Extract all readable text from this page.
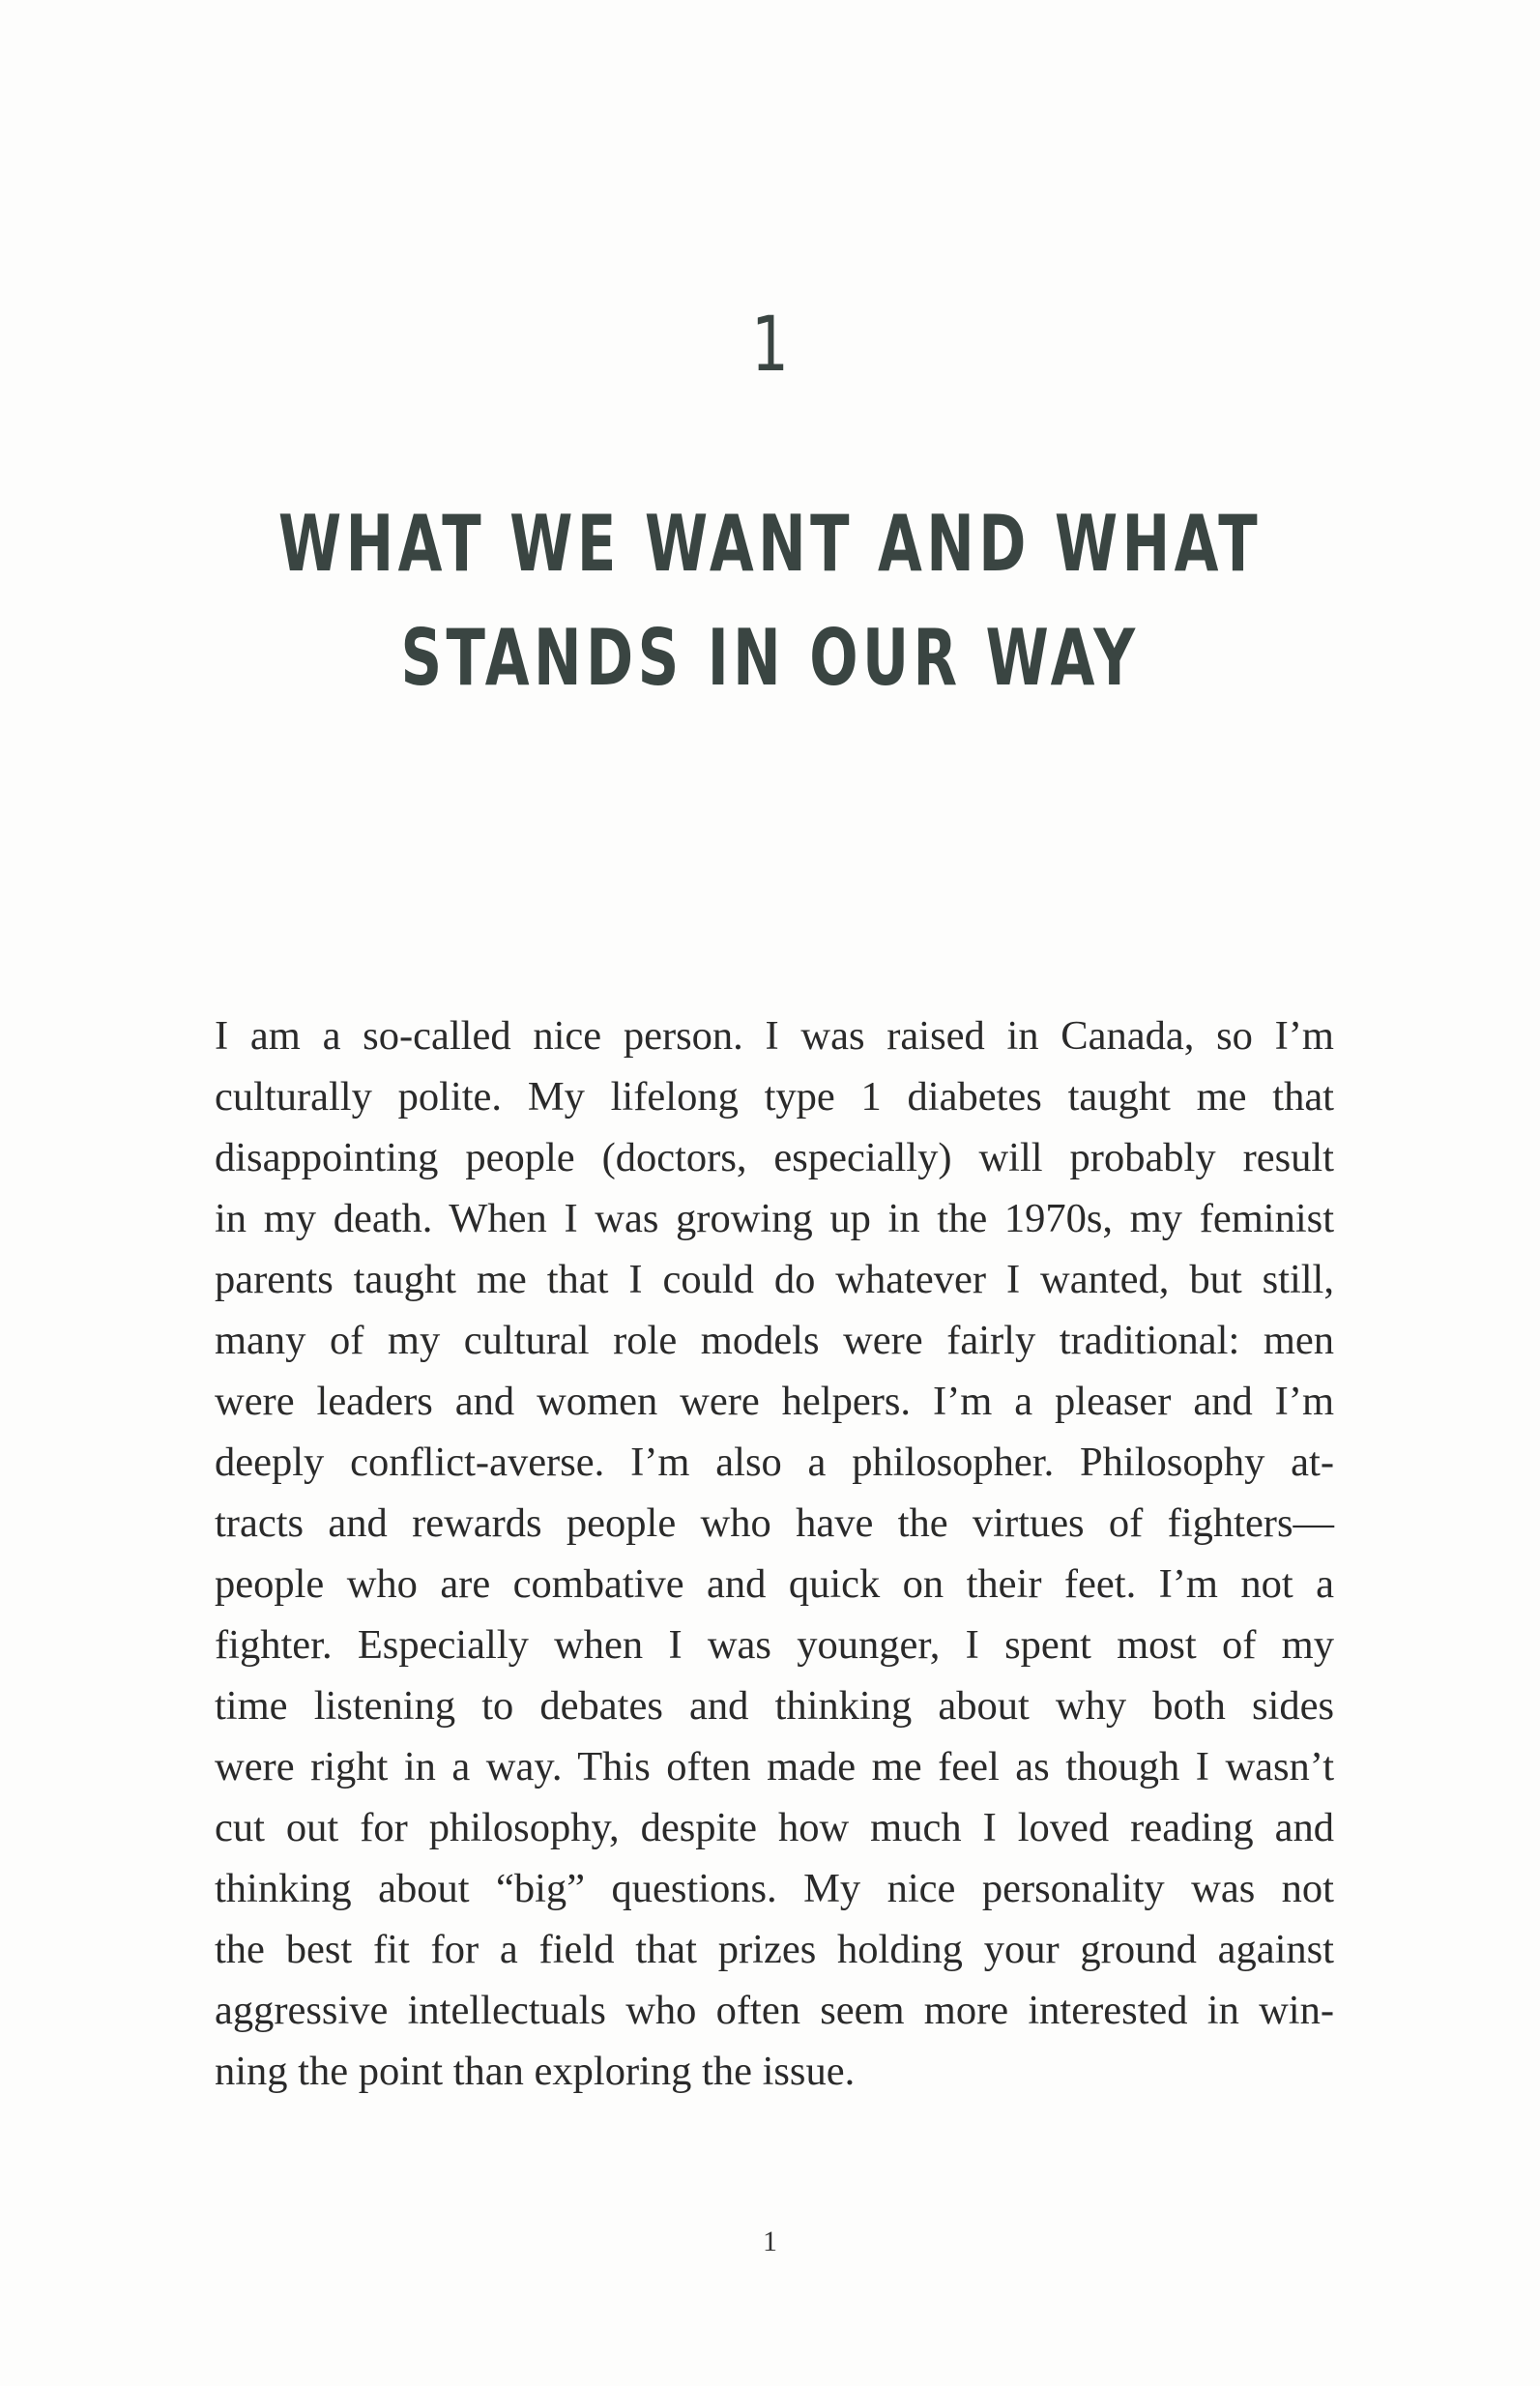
1
WHAT WE WANT AND WHAT
STANDS IN OUR WAY
I am a so-called nice person. I was raised in Canada, so I’m
culturally polite. My lifelong type 1 diabetes taught me that
disappointing people (doctors, especially) will probably result
in my death. When I was growing up in the 1970s, my feminist
parents taught me that I could do whatever I wanted, but still,
many of my cultural role models were fairly traditional: men
were leaders and women were helpers. I’m a pleaser and I’m
deeply conflict-averse. I’m also a philosopher. Philosophy at-
tracts and rewards people who have the virtues of fighters—
people who are combative and quick on their feet. I’m not a
fighter. Especially when I was younger, I spent most of my
time listening to debates and thinking about why both sides
were right in a way. This often made me feel as though I wasn’t
cut out for philosophy, despite how much I loved reading and
thinking about “big” questions. My nice personality was not
the best fit for a field that prizes holding your ground against
aggressive intellectuals who often seem more interested in win-
ning the point than exploring the issue.
1
